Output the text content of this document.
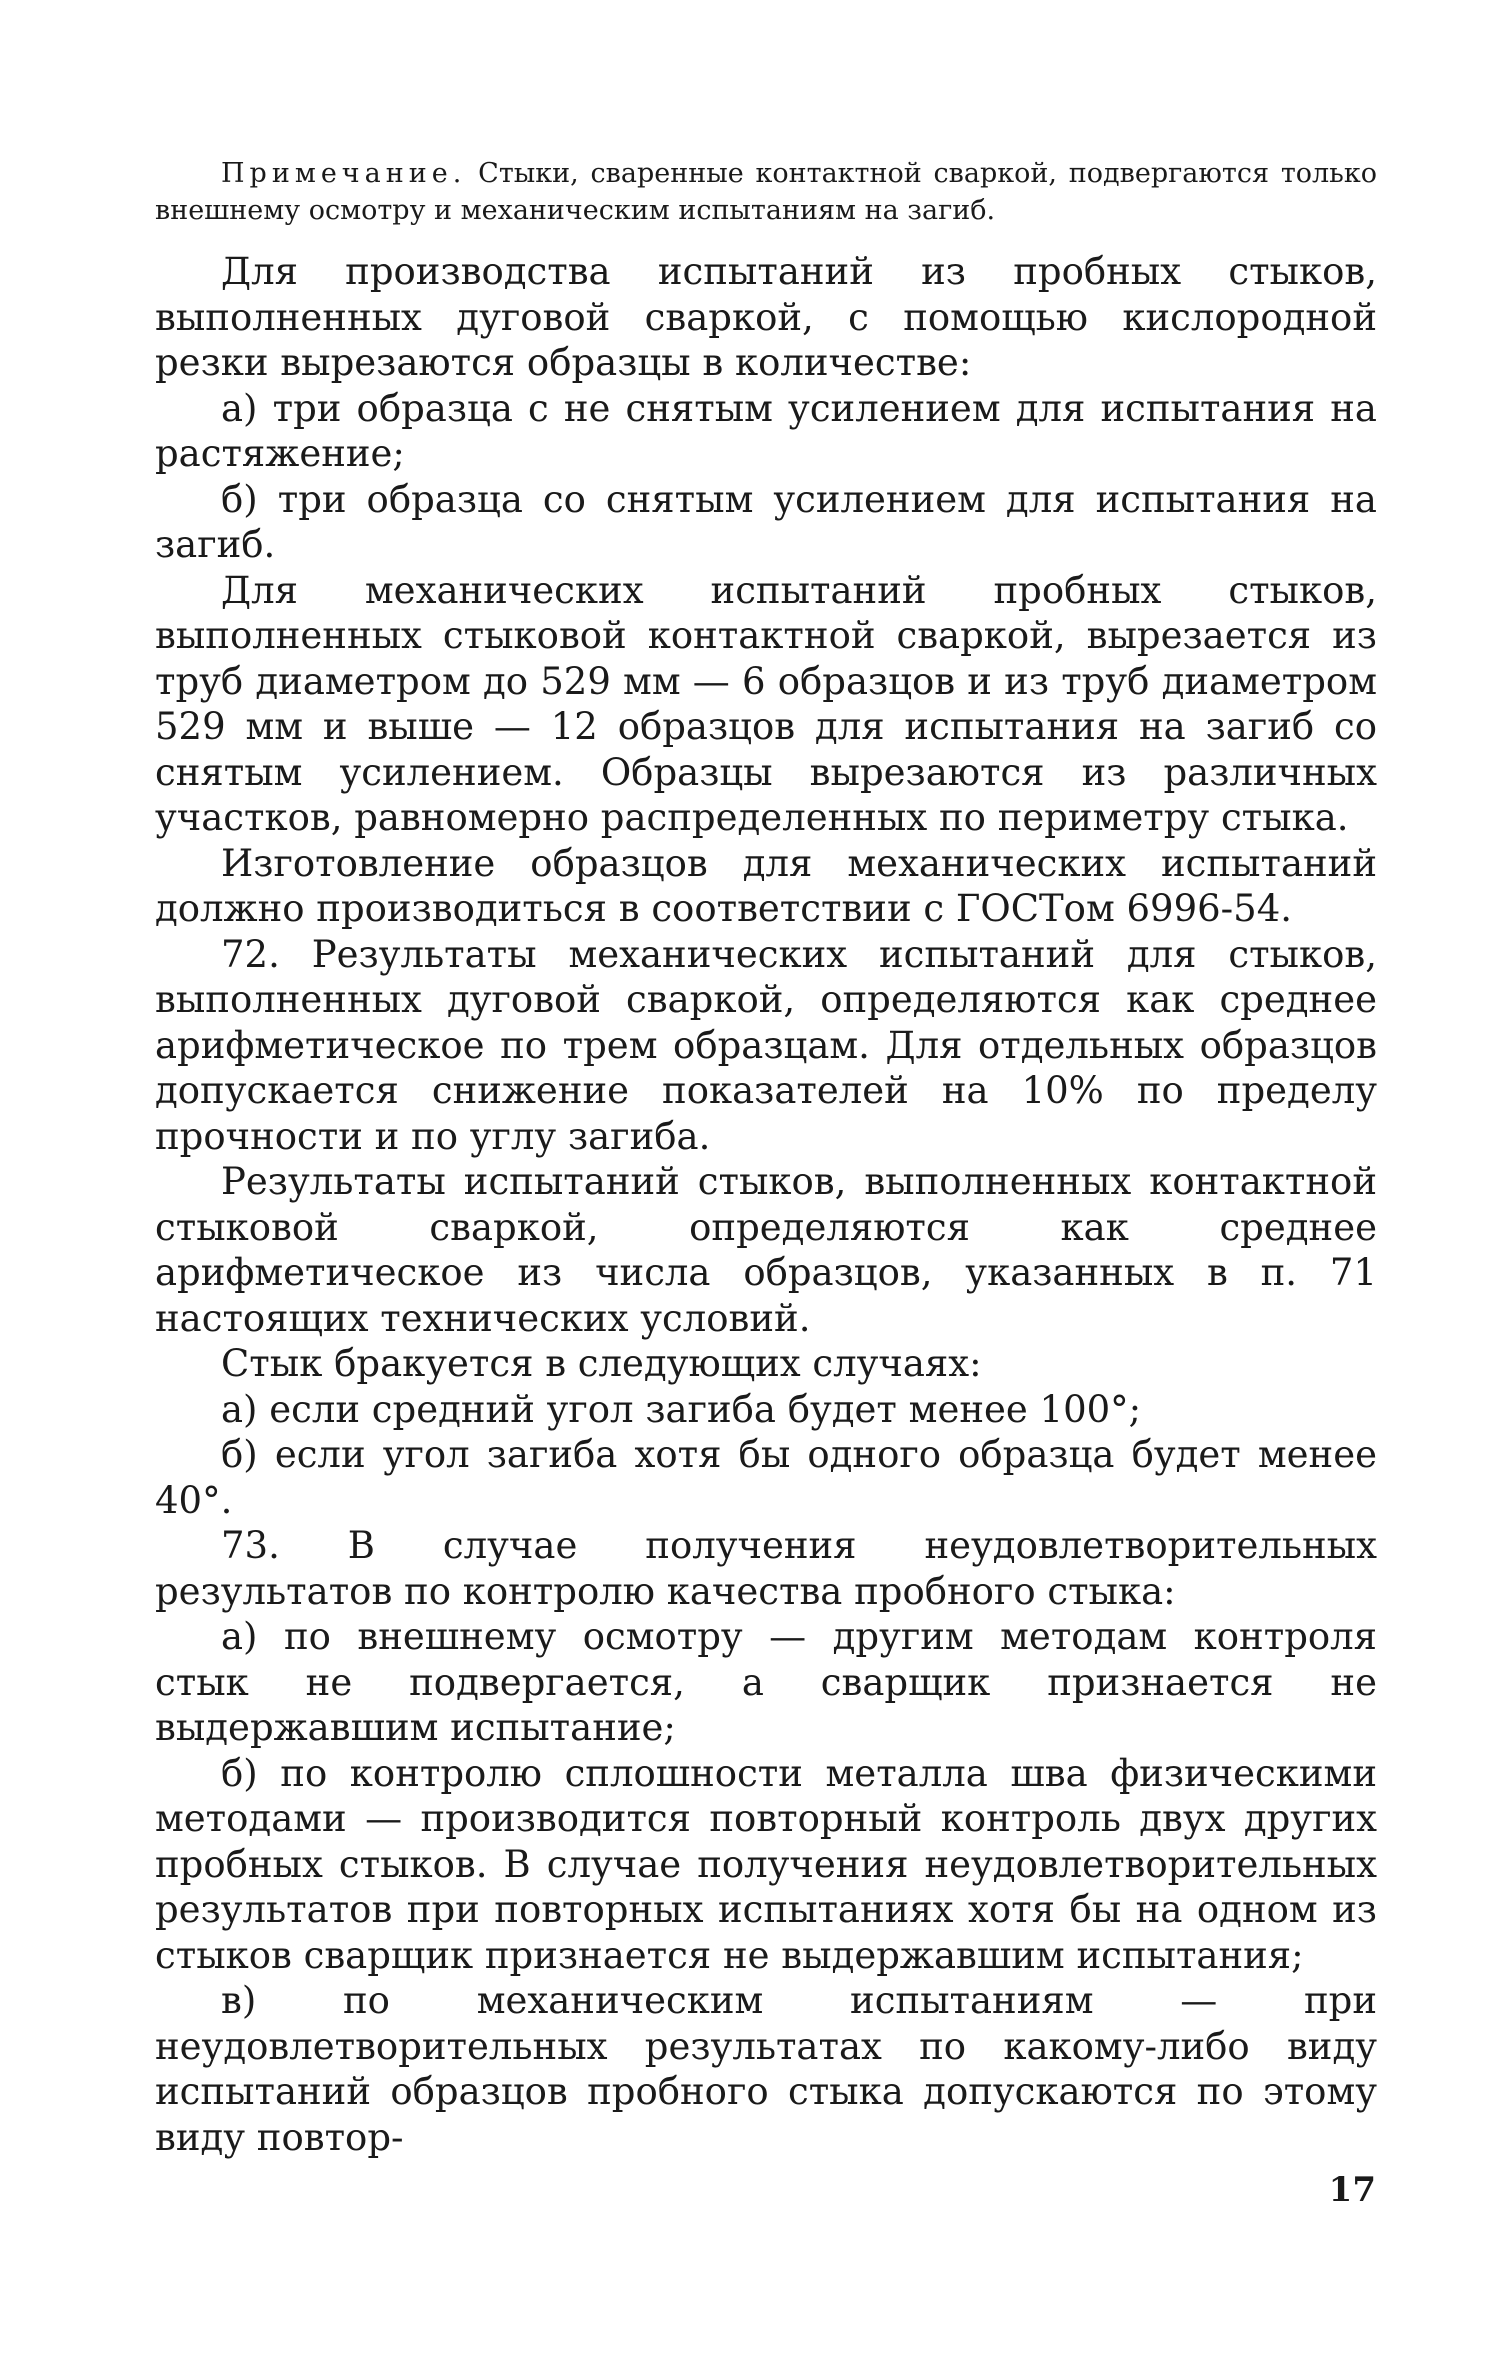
Примечание. Стыки, сваренные контактной сваркой, подвергаются только внешнему осмотру и механическим испытаниям на загиб.

Для производства испытаний из пробных стыков, выполненных дуговой сваркой, с помощью кислородной резки вырезаются образцы в количестве:

а) три образца с не снятым усилением для испытания на растяжение;

б) три образца со снятым усилением для испытания на загиб.

Для механических испытаний пробных стыков, выполненных стыковой контактной сваркой, вырезается из труб диаметром до 529 мм — 6 образцов и из труб диаметром 529 мм и выше — 12 образцов для испытания на загиб со снятым усилением. Образцы вырезаются из различных участков, равномерно распределенных по периметру стыка.

Изготовление образцов для механических испытаний должно производиться в соответствии с ГОСТом 6996-54.

72. Результаты механических испытаний для стыков, выполненных дуговой сваркой, определяются как среднее арифметическое по трем образцам. Для отдельных образцов допускается снижение показателей на 10% по пределу прочности и по углу загиба.

Результаты испытаний стыков, выполненных контактной стыковой сваркой, определяются как среднее арифметическое из числа образцов, указанных в п. 71 настоящих технических условий.

Стык бракуется в следующих случаях:

а) если средний угол загиба будет менее 100°;

б) если угол загиба хотя бы одного образца будет менее 40°.

73. В случае получения неудовлетворительных результатов по контролю качества пробного стыка:

а) по внешнему осмотру — другим методам контроля стык не подвергается, а сварщик признается не выдержавшим испытание;

б) по контролю сплошности металла шва физическими методами — производится повторный контроль двух других пробных стыков. В случае получения неудовлетворительных результатов при повторных испытаниях хотя бы на одном из стыков сварщик признается не выдержавшим испытания;

в) по механическим испытаниям — при неудовлетворительных результатах по какому-либо виду испытаний образцов пробного стыка допускаются по этому виду повтор-

17
